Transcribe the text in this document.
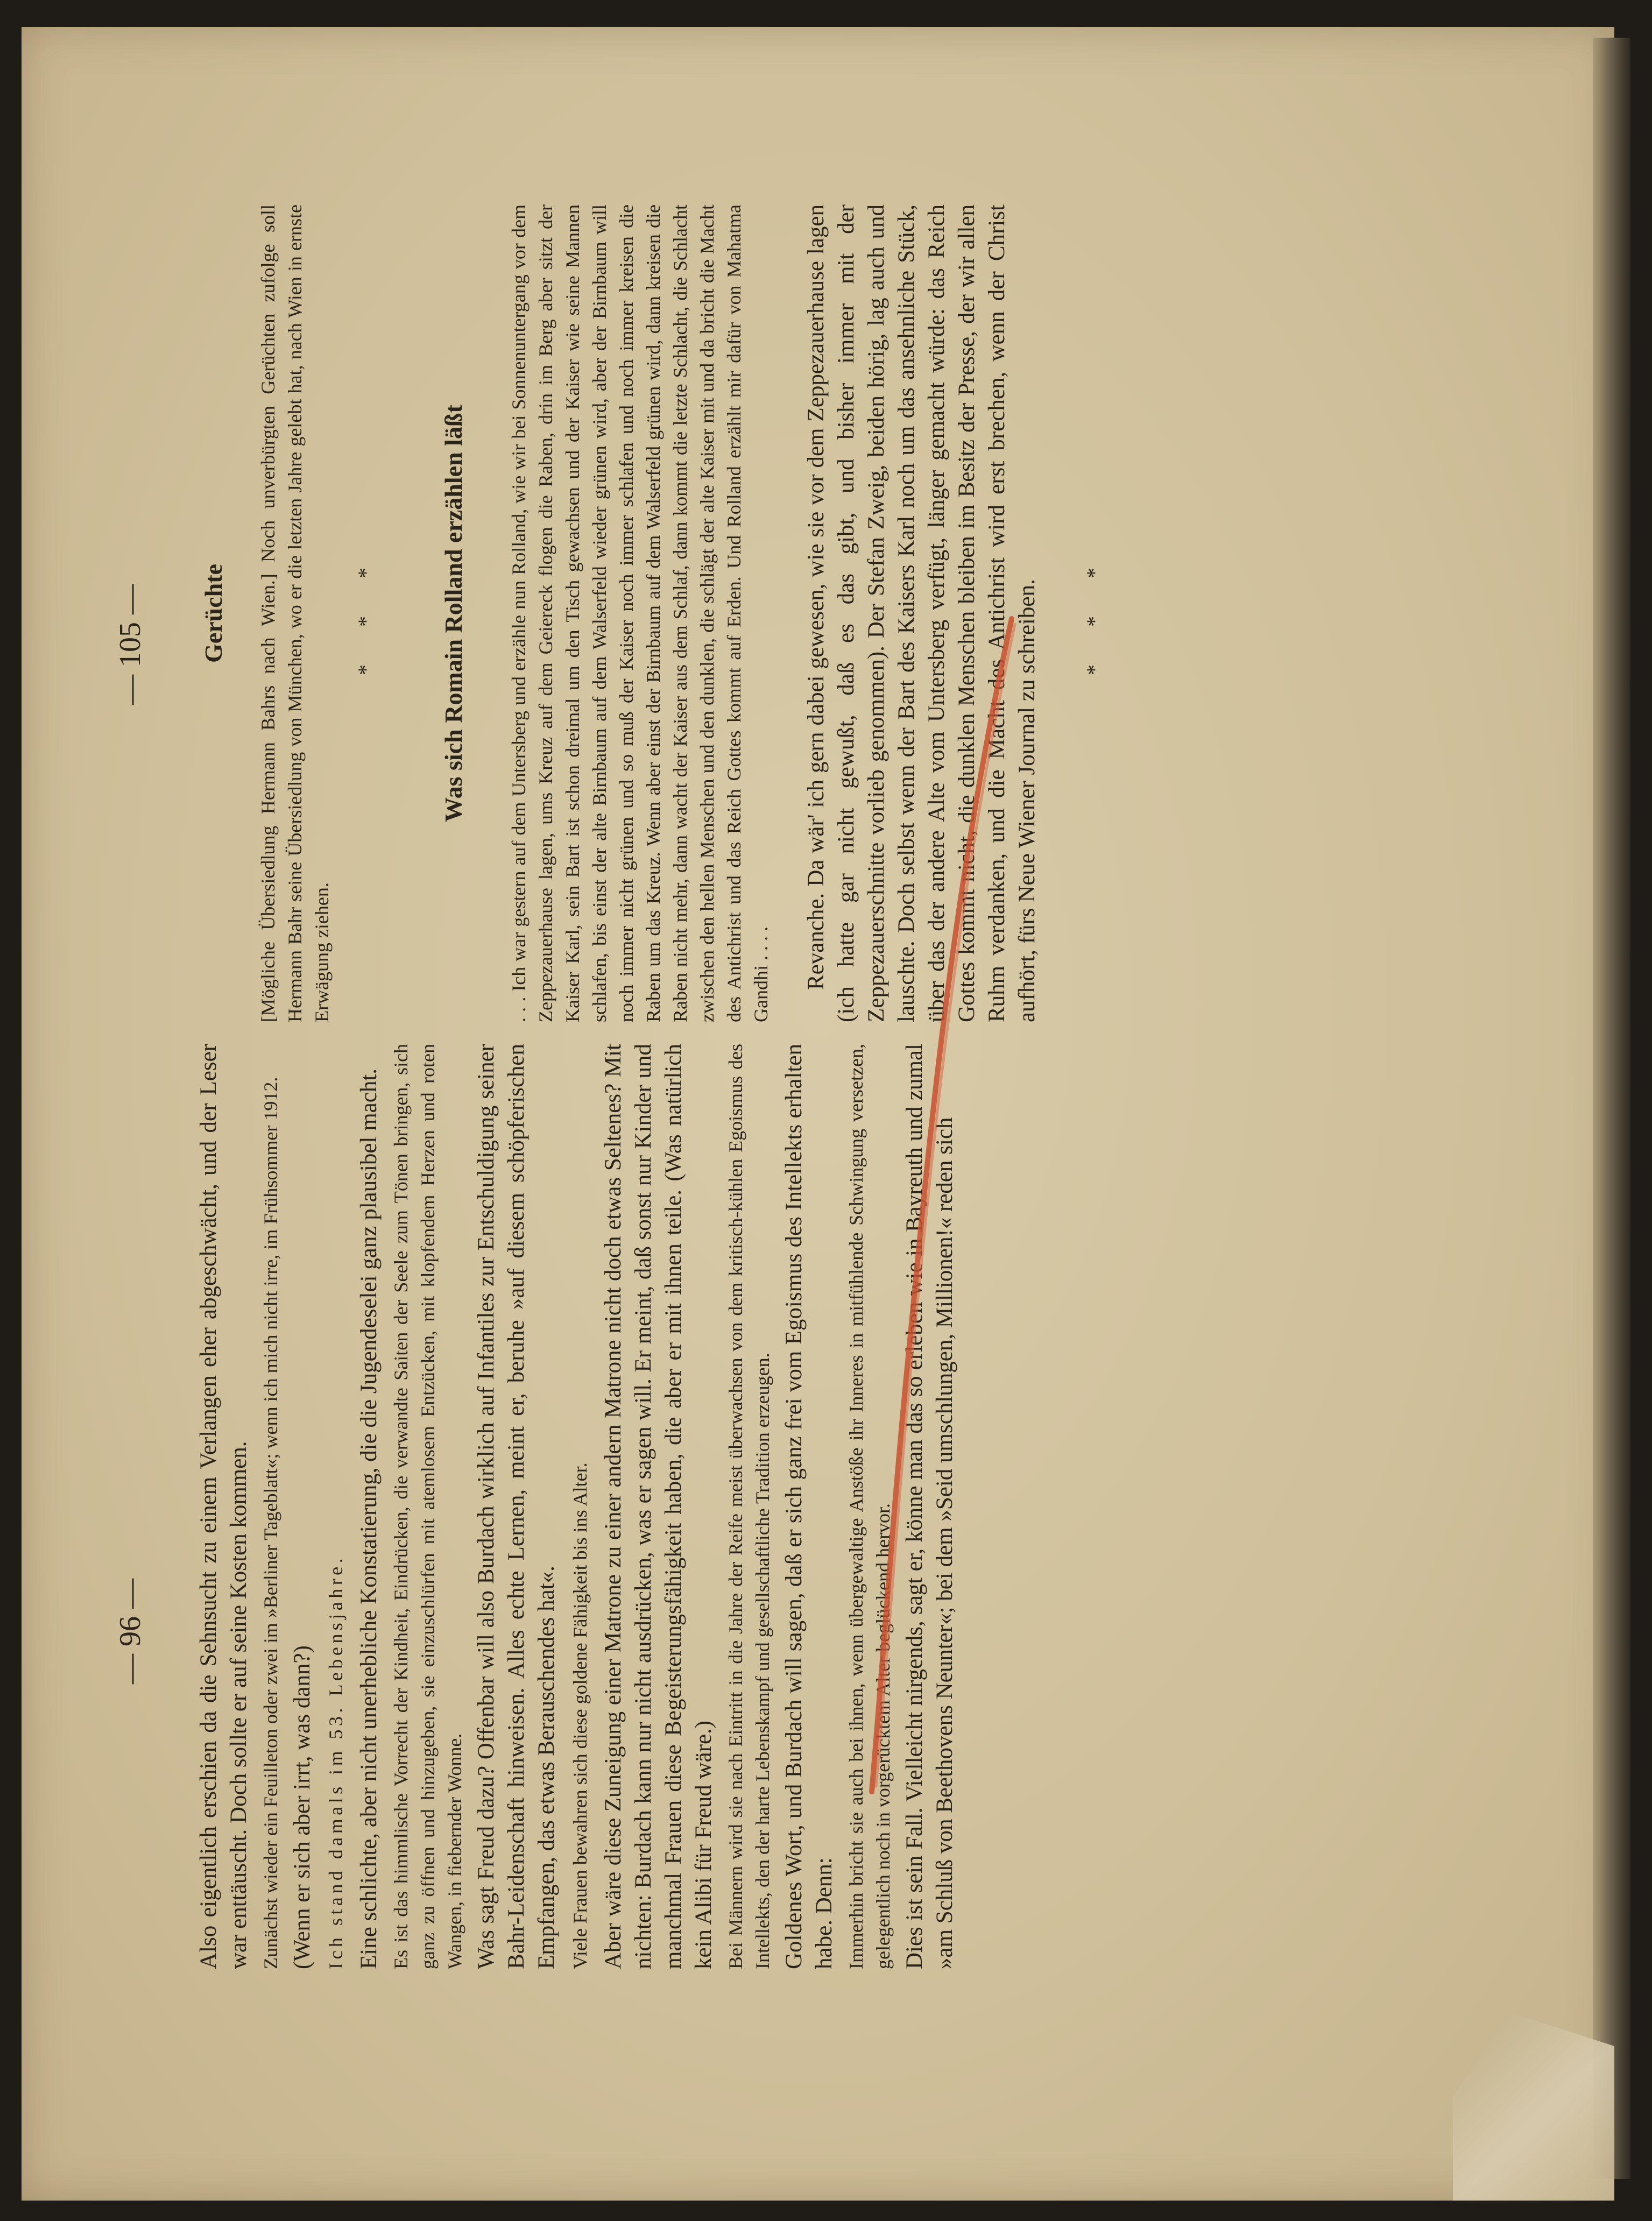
— 96 — Also eigentlich erschien da die Sehnsucht zu einem Verlangen eher abgeschwächt, und der Leser war enttäuscht. Doch sollte er auf seine Kosten kommen. Zunächst wieder ein Feuilleton oder zwei im »Berliner Tageblatt«; wenn ich mich nicht irre, im Frühsommer 1912. (Wenn er sich aber irrt, was dann?) Ich stand damals im 53. Lebensjahre. Eine schlichte, aber nicht unerhebliche Konstatierung, die die Jugendeselei ganz plausibel macht. Es ist das himmlische Vorrecht der Kindheit, Eindrücken, die verwandte Saiten der Seele zum Tönen bringen, sich ganz zu öffnen und hinzugeben, sie einzuschlürfen mit atemlosem Entzücken, mit klopfendem Herzen und roten Wangen, in fiebernder Wonne. Was sagt Freud dazu? Offenbar will also Burdach wirklich auf Infantiles zur Entschuldigung seiner Bahr-Leidenschaft hinweisen. Alles echte Lernen, meint er, beruhe »auf diesem schöpferischen Empfangen, das etwas Berauschendes hat«. Viele Frauen bewahren sich diese goldene Fähigkeit bis ins Alter. Aber wäre diese Zuneigung einer Matrone zu einer andern Matrone nicht doch etwas Seltenes? Mit nichten: Burdach kann nur nicht ausdrücken, was er sagen will. Er meint, daß sonst nur Kinder und manchmal Frauen diese Begeisterungsfähigkeit haben, die aber er mit ihnen teile. (Was natürlich kein Alibi für Freud wäre.) Bei Männern wird sie nach Eintritt in die Jahre der Reife meist überwachsen von dem kritisch-kühlen Egoismus des Intellekts, den der harte Lebenskampf und gesellschaftliche Tradition erzeugen. Goldenes Wort, und Burdach will sagen, daß er sich ganz frei vom Egoismus des Intellekts erhalten habe. Denn: Immerhin bricht sie auch bei ihnen, wenn übergewaltige Anstöße ihr Inneres in mitfühlende Schwingung versetzen, gelegentlich noch in vorgerücktem Alter beglückend hervor. Dies ist sein Fall. Vielleicht nirgends, sagt er, könne man das so erleben wie in Bayreuth und zumal »am Schluß von Beethovens Neunter«; bei dem »Seid umschlungen, Millionen!« reden sich

— 105 — Gerüchte [Mögliche Übersiedlung Hermann Bahrs nach Wien.] Noch unverbürgten Gerüchten zufolge soll Hermann Bahr seine Übersiedlung von München, wo er die letzten Jahre gelebt hat, nach Wien in ernste Erwägung ziehen.

* * *	Was sich Romain Rolland erzählen läßt . . . Ich war gestern auf dem Untersberg und erzähle nun Rolland, wie wir bei Sonnenuntergang vor dem Zeppezauerhause lagen, ums Kreuz auf dem Geiereck flogen die Raben, drin im Berg aber sitzt der Kaiser Karl, sein Bart ist schon dreimal um den Tisch gewachsen und der Kaiser wie seine Mannen schlafen, bis einst der alte Birnbaum auf dem Walserfeld wieder grünen wird, aber der Birnbaum will noch immer nicht grünen und so muß der Kaiser noch immer schlafen und noch immer kreisen die Raben um das Kreuz. Wenn aber einst der Birnbaum auf dem Walserfeld grünen wird, dann kreisen die Raben nicht mehr, dann wacht der Kaiser aus dem Schlaf, dann kommt die letzte Schlacht, die Schlacht zwischen den hellen Menschen und den dunklen, die schlägt der alte Kaiser mit und da bricht die Macht des Antichrist und das Reich Gottes kommt auf Erden. Und Rolland erzählt mir dafür von Mahatma Gandhi . . . . Revanche. Da wär' ich gern dabei gewesen, wie sie vor dem Zeppezauerhause lagen (ich hatte gar nicht gewußt, daß es das gibt, und bisher immer mit der Zeppezauerschnitte vorlieb genommen). Der Stefan Zweig, beiden hörig, lag auch und lauschte. Doch selbst wenn der Bart des Kaisers Karl noch um das ansehnliche Stück, über das der andere Alte vom Untersberg verfügt, länger gemacht würde: das Reich Gottes kommt nicht, die dunklen Menschen bleiben im Besitz der Presse, der wir allen Ruhm verdanken, und die Macht des Antichrist wird erst brechen, wenn der Christ aufhört, fürs Neue Wiener Journal zu schreiben. * * *
